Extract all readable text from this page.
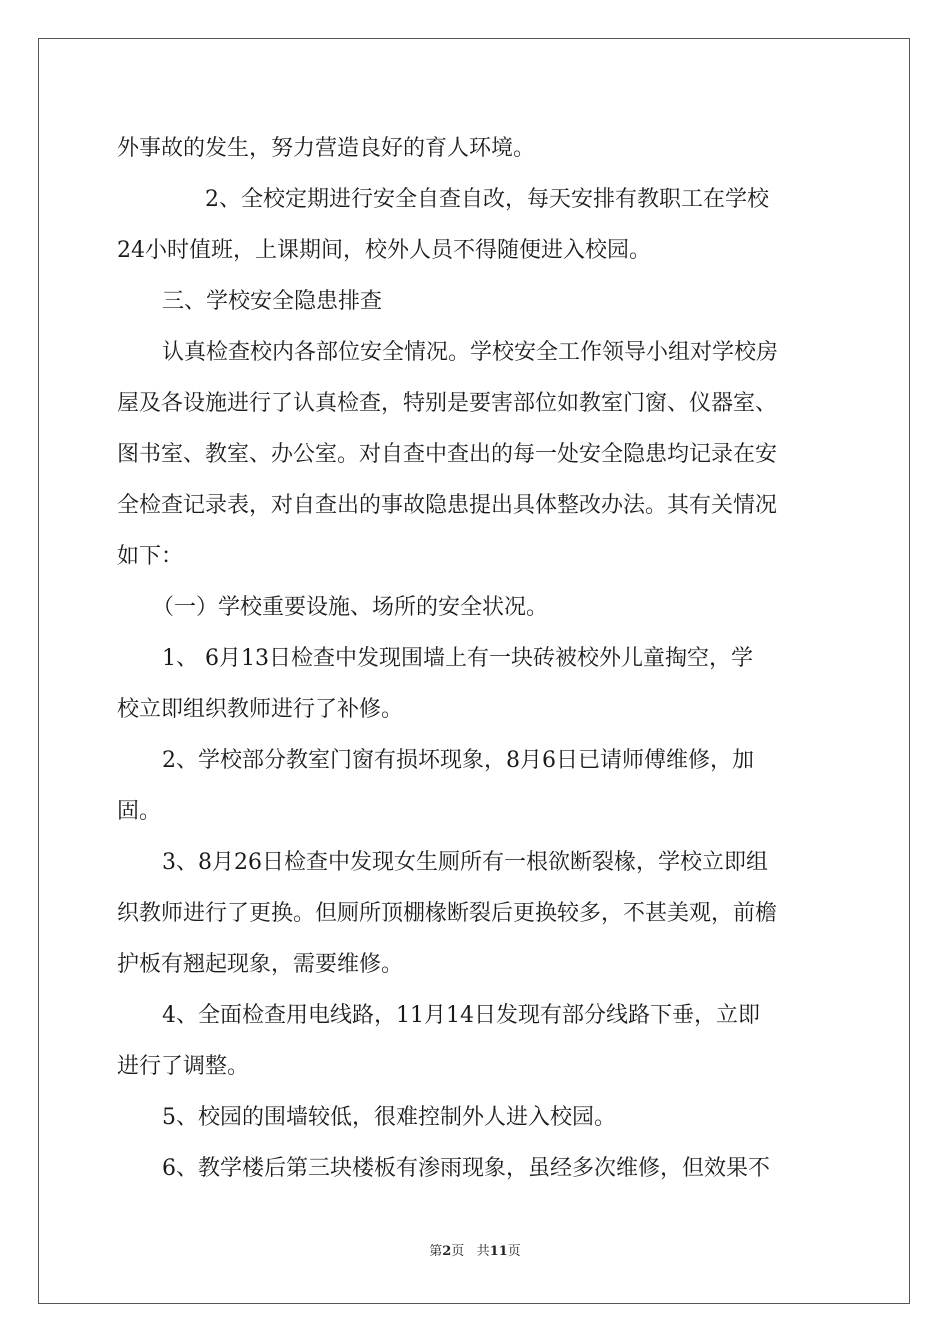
外事故的发生，努力营造良好的育人环境。
2、全校定期进行安全自查自改，每天安排有教职工在学校
24小时值班，上课期间，校外人员不得随便进入校园。
三、学校安全隐患排查
认真检查校内各部位安全情况。学校安全工作领导小组对学校房
屋及各设施进行了认真检查，特别是要害部位如教室门窗、仪器室、
图书室、教室、办公室。对自查中查出的每一处安全隐患均记录在安
全检查记录表，对自查出的事故隐患提出具体整改办法。其有关情况
如下：
（一）学校重要设施、场所的安全状况。
1、 6月13日检查中发现围墙上有一块砖被校外儿童掏空，学
校立即组织教师进行了补修。
2、学校部分教室门窗有损坏现象，8月6日已请师傅维修，加
固。
3、8月26日检查中发现女生厕所有一根欲断裂椽，学校立即组
织教师进行了更换。但厕所顶棚椽断裂后更换较多，不甚美观，前檐
护板有翘起现象，需要维修。
4、全面检查用电线路，11月14日发现有部分线路下垂，立即
进行了调整。
5、校园的围墙较低，很难控制外人进入校园。
6、教学楼后第三块楼板有渗雨现象，虽经多次维修，但效果不
第2页 共11页
